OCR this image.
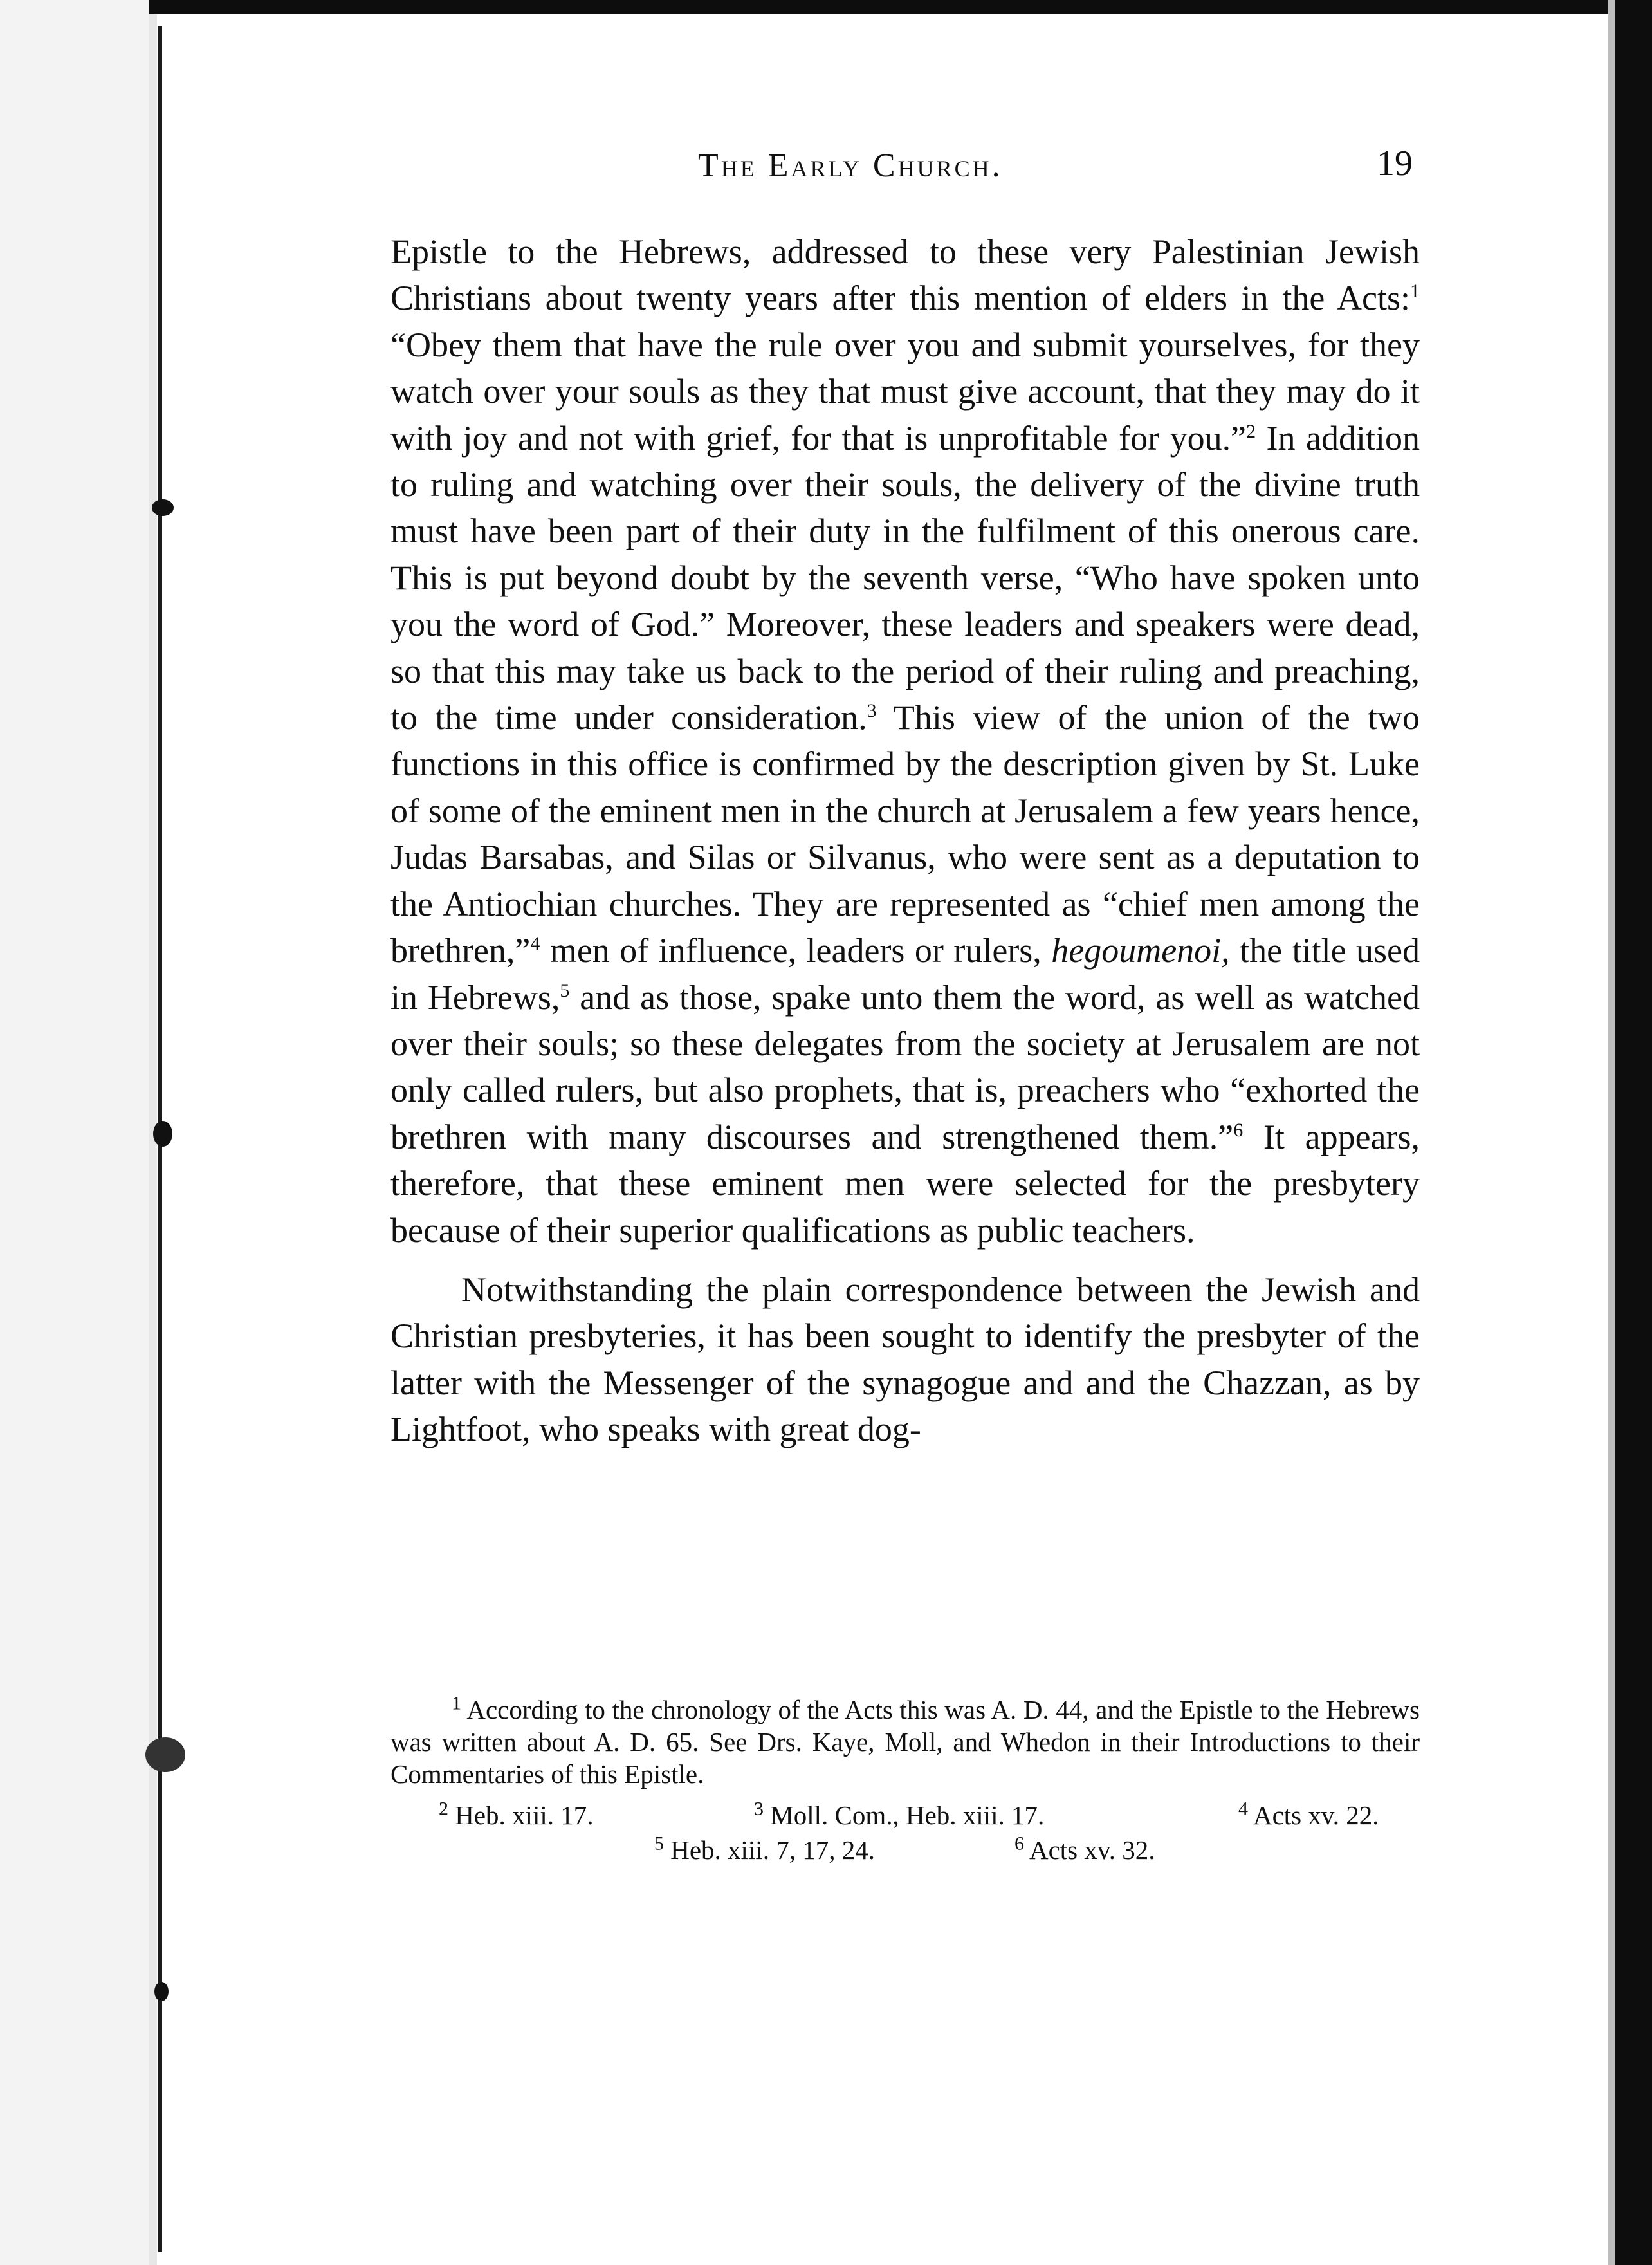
The Early Church.	19

Epistle to the Hebrews, addressed to these very Palestinian Jewish Christians about twenty years after this mention of elders in the Acts:$^1$ “Obey them that have the rule over you and submit yourselves, for they watch over your souls as they that must give account, that they may do it with joy and not with grief, for that is unprofitable for you.”$^2$ In addition to ruling and watching over their souls, the delivery of the divine truth must have been part of their duty in the fulfilment of this onerous care. This is put beyond doubt by the seventh verse, “Who have spoken unto you the word of God.” Moreover, these leaders and speakers were dead, so that this may take us back to the period of their ruling and preaching, to the time under consideration.$^3$ This view of the union of the two functions in this office is confirmed by the description given by St. Luke of some of the eminent men in the church at Jerusalem a few years hence, Judas Barsabas, and Silas or Silvanus, who were sent as a deputation to the Antiochian churches. They are represented as “chief men among the brethren,”$^4$ men of influence, leaders or rulers, hegoumenoi, the title used in Hebrews,$^5$ and as those, spake unto them the word, as well as watched over their souls; so these delegates from the society at Jerusalem are not only called rulers, but also prophets, that is, preachers who “exhorted the brethren with many discourses and strengthened them.”$^6$ It appears, therefore, that these eminent men were selected for the presbytery because of their superior qualifications as public teachers.

Notwithstanding the plain correspondence between the Jewish and Christian presbyteries, it has been sought to identify the presbyter of the latter with the Messenger of the synagogue and and the Chazzan, as by Lightfoot, who speaks with great dog-

$^1$ According to the chronology of the Acts this was A. D. 44, and the Epistle to the Hebrews was written about A. D. 65. See Drs. Kaye, Moll, and Whedon in their Introductions to their Commentaries of this Epistle.

$^2$ Heb. xiii. 17.	$^3$ Moll. Com., Heb. xiii. 17.	$^4$ Acts xv. 22.
$^5$ Heb. xiii. 7, 17, 24.	$^6$ Acts xv. 32.
